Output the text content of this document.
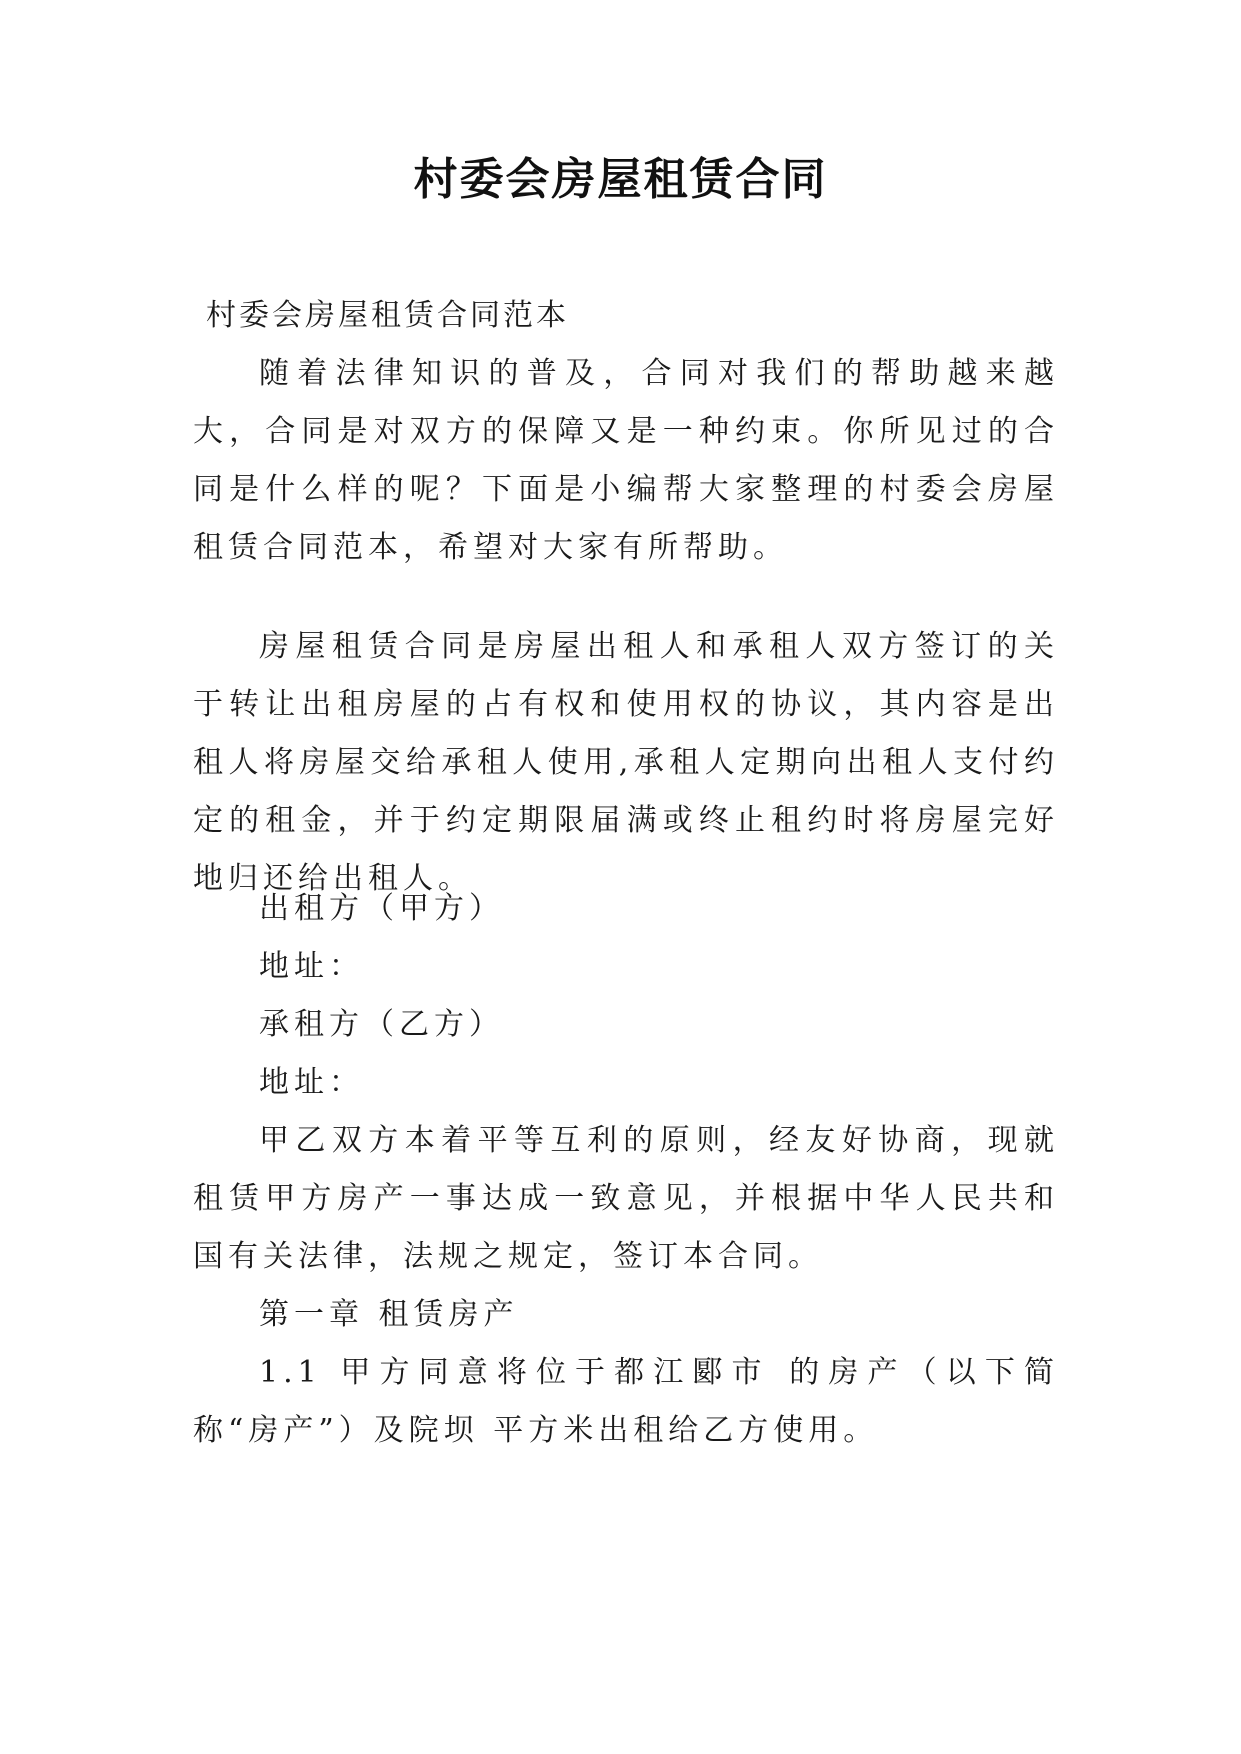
村委会房屋租赁合同
村委会房屋租赁合同范本

随着法律知识的普及，合同对我们的帮助越来越大，合同是对双方的保障又是一种约束。你所见过的合同是什么样的呢？下面是小编帮大家整理的村委会房屋租赁合同范本，希望对大家有所帮助。

房屋租赁合同是房屋出租人和承租人双方签订的关于转让出租房屋的占有权和使用权的协议，其内容是出租人将房屋交给承租人使用,承租人定期向出租人支付约定的租金，并于约定期限届满或终止租约时将房屋完好地归还给出租人。

出租方（甲方）

地址：

承租方（乙方）

地址：

甲乙双方本着平等互利的原则，经友好协商，现就租赁甲方房产一事达成一致意见，并根据中华人民共和国有关法律，法规之规定，签订本合同。

第一章 租赁房产

1.1 甲方同意将位于都江郾市 的房产（以下简称“房产”）及院坝 平方米出租给乙方使用。
